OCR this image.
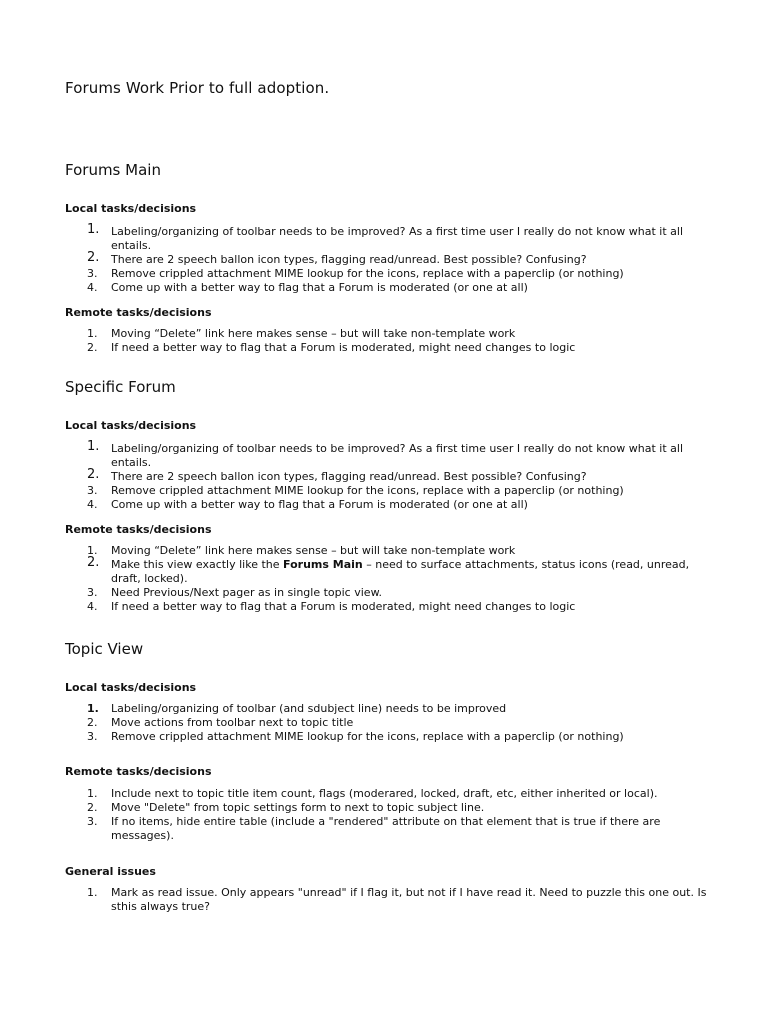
Forums Work Prior to full adoption.
Forums Main
Local tasks/decisions
1.	Labeling/organizing of toolbar needs to be improved? As a first time user I really do not know what it all entails.
2.	There are 2 speech ballon icon types, flagging read/unread. Best possible? Confusing?
3.	Remove crippled attachment MIME lookup for the icons, replace with a paperclip (or nothing)
4.	Come up with a better way to flag that a Forum is moderated (or one at all)
Remote tasks/decisions
1.	Moving “Delete” link here makes sense – but will take non-template work
2.	If need a better way to flag that a Forum is moderated, might need changes to logic
Specific Forum
Local tasks/decisions
1.	Labeling/organizing of toolbar needs to be improved? As a first time user I really do not know what it all entails.
2.	There are 2 speech ballon icon types, flagging read/unread. Best possible? Confusing?
3.	Remove crippled attachment MIME lookup for the icons, replace with a paperclip (or nothing)
4.	Come up with a better way to flag that a Forum is moderated (or one at all)
Remote tasks/decisions
1.	Moving “Delete” link here makes sense – but will take non-template work
2.	Make this view exactly like the Forums Main – need to surface attachments, status icons (read, unread, draft, locked).
3.	Need Previous/Next pager as in single topic view.
4.	If need a better way to flag that a Forum is moderated, might need changes to logic
Topic View
Local tasks/decisions
1.	Labeling/organizing of toolbar (and sdubject line) needs to be improved
2.	Move actions from toolbar next to topic title
3.	Remove crippled attachment MIME lookup for the icons, replace with a paperclip (or nothing)
Remote tasks/decisions
1.	Include next to topic title item count, flags (moderared, locked, draft, etc, either inherited or local).
2.	Move "Delete" from topic settings form to next to topic subject line.
3.	If no items, hide entire table (include a "rendered" attribute on that element that is true if there are messages).
General issues
1.	Mark as read issue. Only appears "unread" if I flag it, but not if I have read it. Need to puzzle this one out. Is sthis always true?
